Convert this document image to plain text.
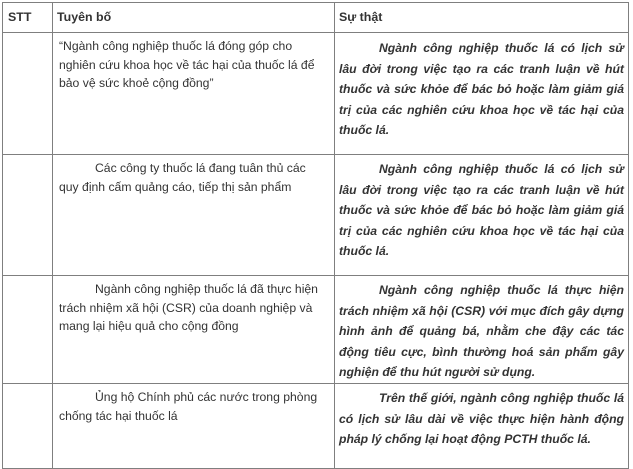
STT	Tuyên bố	Sự thật

	“Ngành công nghiệp thuốc lá đóng góp cho nghiên cứu khoa học về tác hại của thuốc lá để bảo vệ sức khoẻ cộng đồng”	Ngành công nghiệp thuốc lá có lịch sử lâu đời trong việc tạo ra các tranh luận về hút thuốc và sức khỏe để bác bỏ hoặc làm giảm giá trị của các nghiên cứu khoa học về tác hại của thuốc lá.

	Các công ty thuốc lá đang tuân thủ các quy định cấm quảng cáo, tiếp thị sản phẩm	Ngành công nghiệp thuốc lá có lịch sử lâu đời trong việc tạo ra các tranh luận về hút thuốc và sức khỏe để bác bỏ hoặc làm giảm giá trị của các nghiên cứu khoa học về tác hại của thuốc lá.

	Ngành công nghiệp thuốc lá đã thực hiện trách nhiệm xã hội (CSR) của doanh nghiệp và mang lại hiệu quả cho cộng đồng	Ngành công nghiệp thuốc lá thực hiện trách nhiệm xã hội (CSR) với mục đích gây dựng hình ảnh để quảng bá, nhằm che đậy các tác động tiêu cực, bình thường hoá sản phẩm gây nghiện để thu hút người sử dụng.

	Ủng hộ Chính phủ các nước trong phòng chống tác hại thuốc lá	Trên thế giới, ngành công nghiệp thuốc lá có lịch sử lâu dài về việc thực hiện hành động pháp lý chống lại hoạt động PCTH thuốc lá.
